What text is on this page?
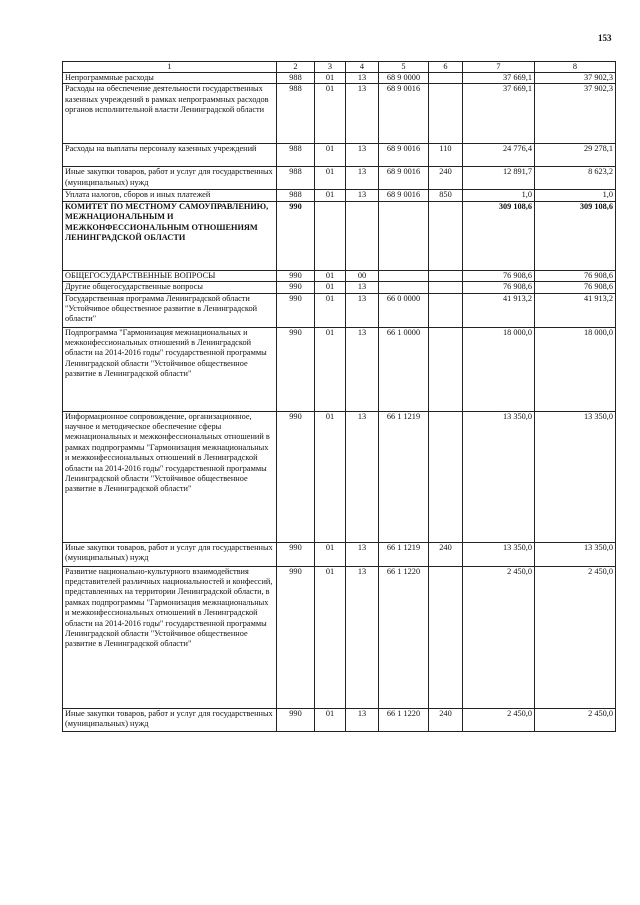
153
1	2	3	4	5	6	7	8
Непрограммные расходы	988	01	13	68 9 0000		37 669,1	37 902,3
Расходы на обеспечение деятельности государственных казенных учреждений в рамках непрограммных расходов органов исполнительной власти Ленинградской области	988	01	13	68 9 0016		37 669,1	37 902,3
Расходы на выплаты персоналу казенных учреждений	988	01	13	68 9 0016	110	24 776,4	29 278,1
Иные закупки товаров, работ и услуг для государственных (муниципальных) нужд	988	01	13	68 9 0016	240	12 891,7	8 623,2
Уплата налогов, сборов и иных платежей	988	01	13	68 9 0016	850	1,0	1,0
КОМИТЕТ ПО МЕСТНОМУ САМОУПРАВЛЕНИЮ, МЕЖНАЦИОНАЛЬНЫМ И МЕЖКОНФЕССИОНАЛЬНЫМ ОТНОШЕНИЯМ ЛЕНИНГРАДСКОЙ ОБЛАСТИ	990					309 108,6	309 108,6
ОБЩЕГОСУДАРСТВЕННЫЕ ВОПРОСЫ	990	01	00			76 908,6	76 908,6
Другие общегосударственные вопросы	990	01	13			76 908,6	76 908,6
Государственная программа Ленинградской области "Устойчивое общественное развитие в Ленинградской области"	990	01	13	66 0 0000		41 913,2	41 913,2
Подпрограмма "Гармонизация межнациональных и межконфессиональных отношений в Ленинградской области на 2014-2016 годы" государственной программы Ленинградской области "Устойчивое общественное развитие в Ленинградской области"	990	01	13	66 1 0000		18 000,0	18 000,0
Информационное сопровождение, организационное, научное и методическое обеспечение сферы межнациональных и межконфессиональных отношений в рамках подпрограммы "Гармонизация межнациональных и межконфессиональных отношений в Ленинградской области на 2014-2016 годы" государственной программы Ленинградской области "Устойчивое общественное развитие в Ленинградской области"	990	01	13	66 1 1219		13 350,0	13 350,0
Иные закупки товаров, работ и услуг для государственных (муниципальных) нужд	990	01	13	66 1 1219	240	13 350,0	13 350,0
Развитие национально-культурного взаимодействия представителей различных национальностей и конфессий, представленных на территории Ленинградской области, в рамках подпрограммы "Гармонизация межнациональных и межконфессиональных отношений в Ленинградской области на 2014-2016 годы" государственной программы Ленинградской области "Устойчивое общественное развитие в Ленинградской области"	990	01	13	66 1 1220		2 450,0	2 450,0
Иные закупки товаров, работ и услуг для государственных (муниципальных) нужд	990	01	13	66 1 1220	240	2 450,0	2 450,0
